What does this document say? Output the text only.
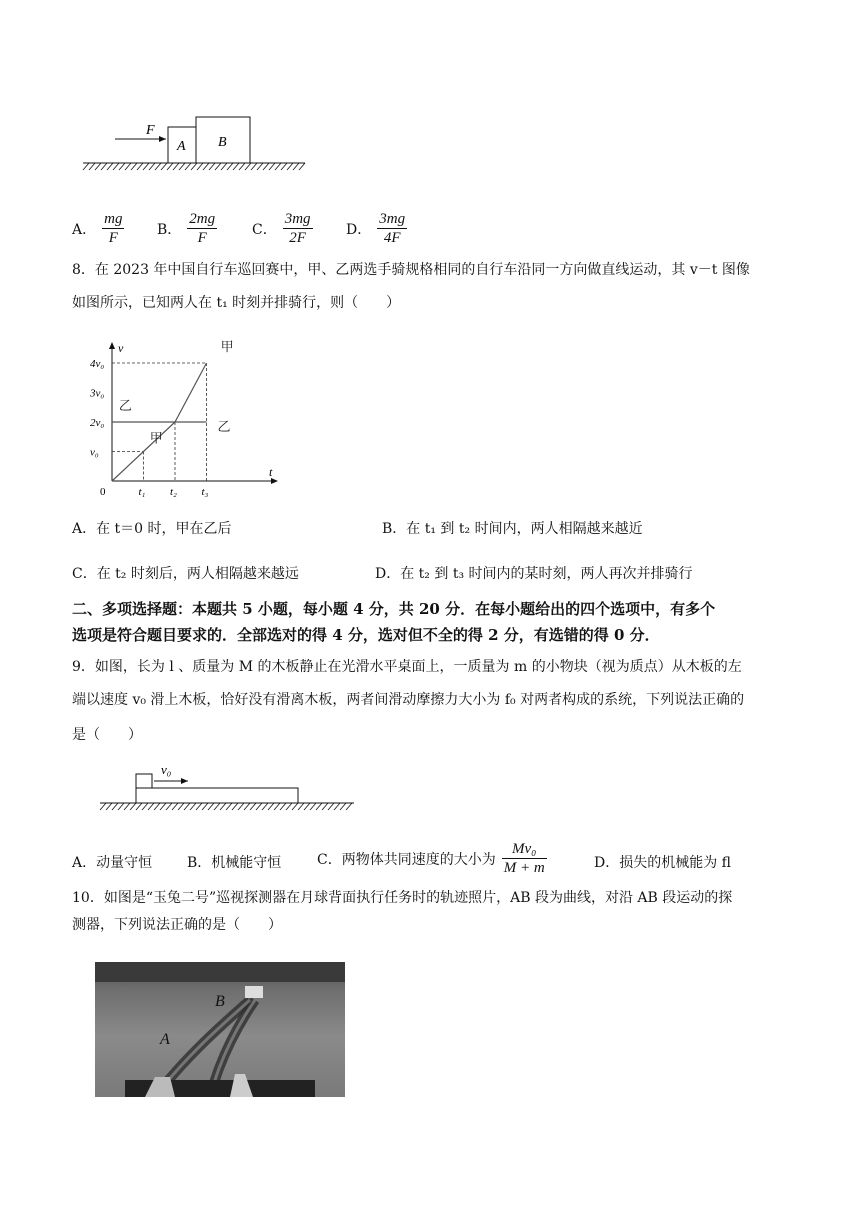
F
A B
A． $\frac{mg}{F}$ B． $\frac{2mg}{F}$ C． $\frac{3mg}{2F}$ D． $\frac{3mg}{4F}$
8．在 2023 年中国自行车巡回赛中，甲、乙两选手骑规格相同的自行车沿同一方向做直线运动，其 v－t 图像
如图所示，已知两人在 t₁ 时刻并排骑行，则（　　）
t
v
v₀
2v₀
3v₀
4v₀
0	t₁ t₂ t₃
甲
甲
乙
乙
A．在 t＝0 时，甲在乙后	B．在 t₁ 到 t₂ 时间内，两人相隔越来越近
C．在 t₂ 时刻后，两人相隔越来越远	D．在 t₂ 到 t₃ 时间内的某时刻，两人再次并排骑行
二、多项选择题：本题共 5 小题，每小题 4 分，共 20 分．在每小题给出的四个选项中，有多个
选项是符合题目要求的．全部选对的得 4 分，选对但不全的得 2 分，有选错的得 0 分．
9．如图，长为 l 、质量为 M 的木板静止在光滑水平桌面上，一质量为 m 的小物块（视为质点）从木板的左
端以速度 v₀ 滑上木板，恰好没有滑离木板，两者间滑动摩擦力大小为 f₀ 对两者构成的系统，下列说法正确的
是（　　）
v₀
A．动量守恒 B．机械能守恒	C．两物体共同速度的大小为 $\frac{\text{Mv₀}}{M + m}$	D．损失的机械能为 fl
10．如图是“玉兔二号”巡视探测器在月球背面执行任务时的轨迹照片，AB 段为曲线，对沿 AB 段运动的探
测器，下列说法正确的是（　　）
A
B
